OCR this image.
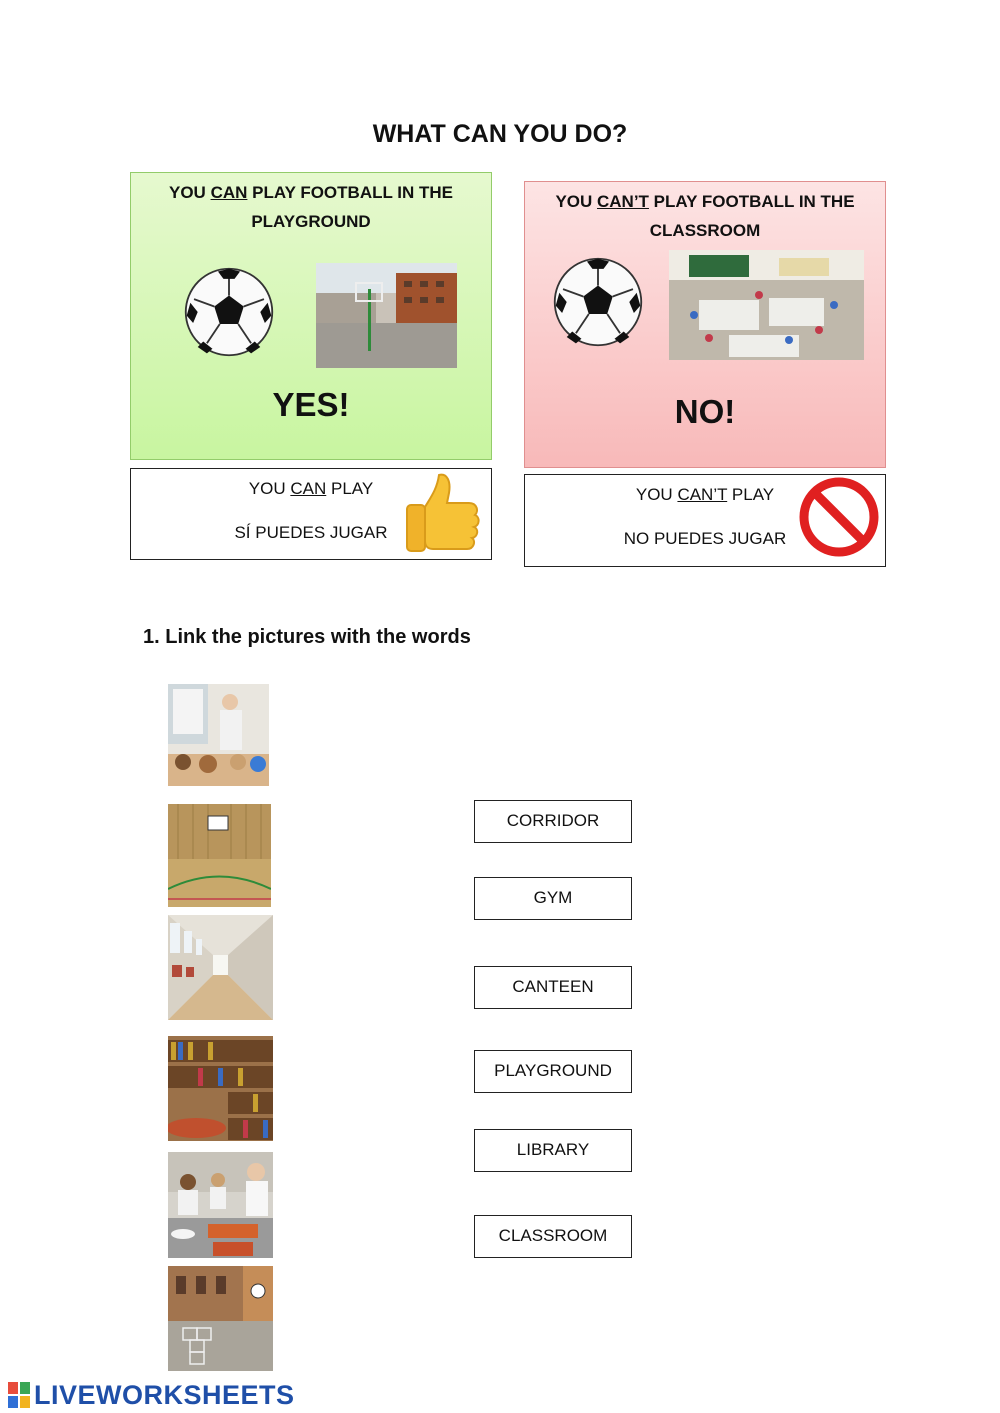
WHAT CAN YOU DO?
YOU CAN PLAY FOOTBALL IN THE PLAYGROUND
YES!
YOU CAN’T PLAY FOOTBALL IN THE CLASSROOM
NO!
YOU CAN PLAY
SÍ PUEDES JUGAR
YOU CAN’T PLAY
NO PUEDES JUGAR
1. Link the pictures with the words
CORRIDOR
GYM
CANTEEN
PLAYGROUND
LIBRARY
CLASSROOM
LIVEWORKSHEETS
